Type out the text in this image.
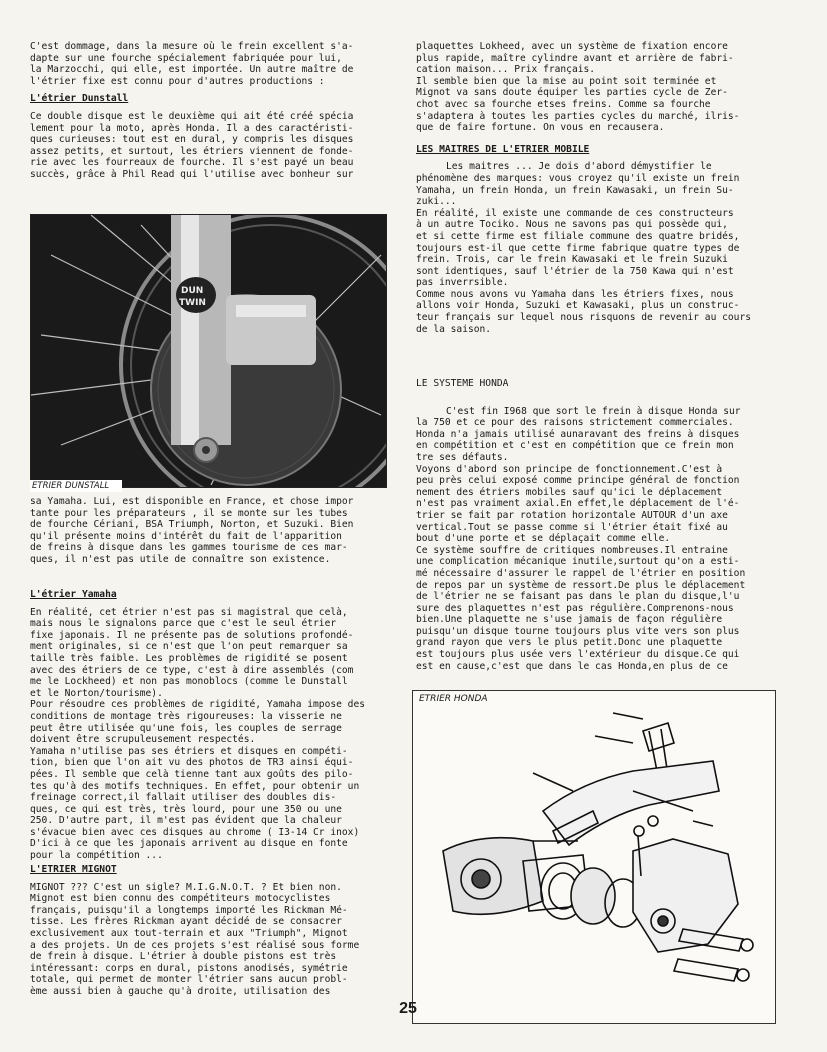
C'est dommage, dans la mesure où le frein excellent s'a-
dapte sur une fourche spécialement fabriquée pour lui,
la Marzocchi, qui elle, est importée. Un autre maître de
l'étrier fixe est connu pour d'autres productions :

L'étrier Dunstall

Ce double disque est le deuxième qui ait été créé spécia
lement pour la moto, après Honda. Il a des caractéristi-
ques curieuses: tout est en dural, y compris les disques
assez petits, et surtout, les étriers viennent de fonde-
rie avec les fourreaux de fourche. Il s'est payé un beau
succès, grâce à Phil Read qui l'utilise avec bonheur sur

DUN
TWIN
ETRIER DUNSTALL

sa Yamaha. Lui, est disponible en France, et chose impor
tante pour les préparateurs , il se monte sur les tubes
de fourche Cériani, BSA Triumph, Norton, et Suzuki. Bien
qu'il présente moins d'intérêt du fait de l'apparition
de freins à disque dans les gammes tourisme de ces mar-
ques, il n'est pas utile de connaître son existence.

L'étrier Yamaha

En réalité, cet étrier n'est pas si magistral que celà,
mais nous le signalons parce que c'est le seul étrier
fixe japonais. Il ne présente pas de solutions profondé-
ment originales, si ce n'est que l'on peut remarquer sa
taille très faible. Les problèmes de rigidité se posent
avec des étriers de ce type, c'est à dire assemblés (com
me le Lockheed) et non pas monoblocs (comme le Dunstall
et le Norton/tourisme).
Pour résoudre ces problèmes de rigidité, Yamaha impose des
conditions de montage très rigoureuses: la visserie ne
peut être utilisée qu'une fois, les couples de serrage
doivent être scrupuleusement respectés.
Yamaha n'utilise pas ses étriers et disques en compéti-
tion, bien que l'on ait vu des photos de TR3 ainsi équi-
pées. Il semble que celà tienne tant aux goûts des pilo-
tes qu'à des motifs techniques. En effet, pour obtenir un
freinage correct,il fallait utiliser des doubles dis-
ques, ce qui est très, très lourd, pour une 350 ou une
250. D'autre part, il m'est pas évident que la chaleur
s'évacue bien avec ces disques au chrome ( I3-14 Cr inox)
D'ici à ce que les japonais arrivent au disque en fonte
pour la compétition ...

L'ETRIER MIGNOT

MIGNOT ??? C'est un sigle? M.I.G.N.O.T. ? Et bien non.
Mignot est bien connu des compétiteurs motocyclistes
français, puisqu'il a longtemps importé les Rickman Mé-
tisse. Les frères Rickman ayant décidé de se consacrer
exclusivement aux tout-terrain et aux "Triumph", Mignot
a des projets. Un de ces projets s'est réalisé sous forme
de frein à disque. L'étrier à double pistons est très
intéressant: corps en dural, pistons anodisés, symétrie
totale, qui permet de monter l'étrier sans aucun probl-
ème aussi bien à gauche qu'à droite, utilisation des

plaquettes Lokheed, avec un système de fixation encore
plus rapide, maître cylindre avant et arrière de fabri-
cation maison... Prix français.
Il semble bien que la mise au point soit terminée et
Mignot va sans doute équiper les parties cycle de Zer-
chot avec sa fourche etses freins. Comme sa fourche
s'adaptera à toutes les parties cycles du marché, ilris-
que de faire fortune. On vous en recausera.

LES MAITRES DE L'ETRIER MOBILE

Les maitres ... Je dois d'abord démystifier le
phénomène des marques: vous croyez qu'il existe un frein
Yamaha, un frein Honda, un frein Kawasaki, un frein Su-
zuki...
En réalité, il existe une commande de ces constructeurs
à un autre Tociko. Nous ne savons pas qui possède qui,
et si cette firme est filiale commune des quatre bridés,
toujours est-il que cette firme fabrique quatre types de
frein. Trois, car le frein Kawasaki et le frein Suzuki
sont identiques, sauf l'étrier de la 750 Kawa qui n'est
pas inverrsible.
Comme nous avons vu Yamaha dans les étriers fixes, nous
allons voir Honda, Suzuki et Kawasaki, plus un construc-
teur français sur lequel nous risquons de revenir au cours
de la saison.

LE SYSTEME HONDA

C'est fin I968 que sort le frein à disque Honda sur
la 750 et ce pour des raisons strictement commerciales.
Honda n'a jamais utilisé aunaravant des freins à disques
en compétition et c'est en compétition que ce frein mon
tre ses défauts.
Voyons d'abord son principe de fonctionnement.C'est à
peu près celui exposé comme principe général de fonction
nement des étriers mobiles sauf qu'ici le déplacement
n'est pas vraiment axial.En effet,le déplacement de l'é-
trier se fait par rotation horizontale AUTOUR d'un axe
vertical.Tout se passe comme si l'étrier était fixé au
bout d'une porte et se déplaçait comme elle.
Ce système souffre de critiques nombreuses.Il entraine
une complication mécanique inutile,surtout qu'on a esti-
mé nécessaire d'assurer le rappel de l'étrier en position
de repos par un système de ressort.De plus le déplacement
de l'étrier ne se faisant pas dans le plan du disque,l'u
sure des plaquettes n'est pas régulière.Comprenons-nous
bien.Une plaquette ne s'use jamais de façon régulière
puisqu'un disque tourne toujours plus vite vers son plus
grand rayon que vers le plus petit.Donc une plaquette
est toujours plus usée vers l'extérieur du disque.Ce qui
est en cause,c'est que dans le cas Honda,en plus de ce

ETRIER HONDA
25
